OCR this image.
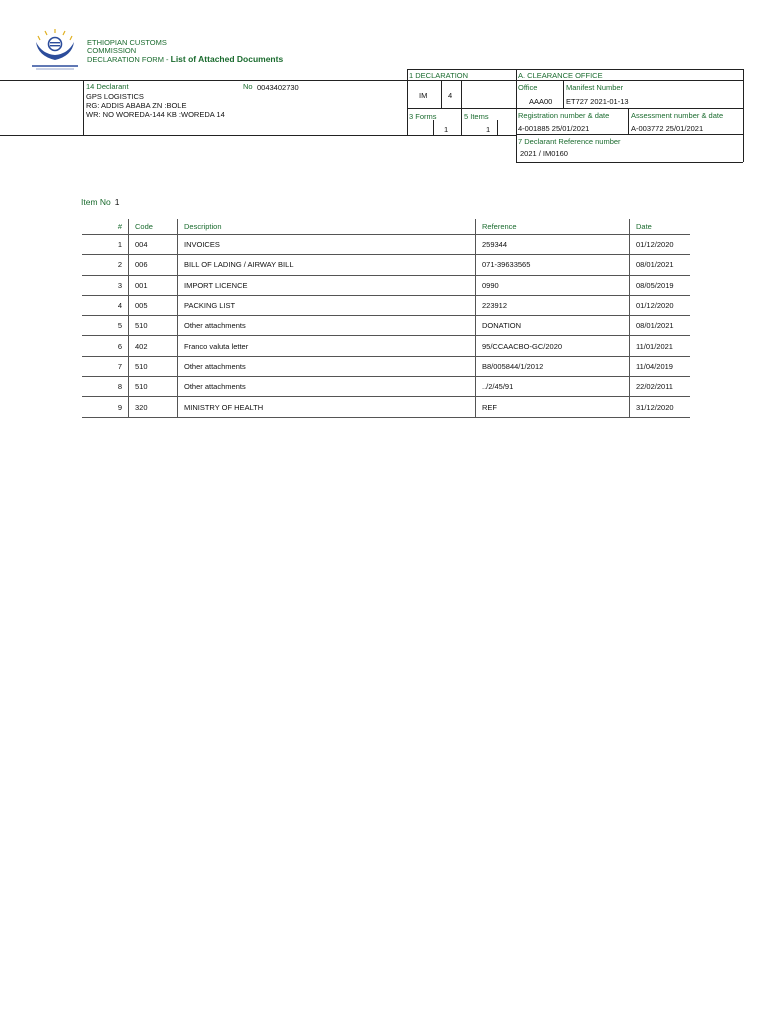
ETHIOPIAN CUSTOMS
COMMISSION
DECLARATION FORM - List of Attached Documents
14 Declarant	No 0043402730
GPS LOGISTICS
RG: ADDIS ABABA ZN :BOLE
WR: NO WOREDA-144 KB :WOREDA 14
1 DECLARATION
IM	4
3 Forms
1
5 Items
1
A. CLEARANCE OFFICE
Office
AAA00
Manifest Number
ET727 2021-01-13
Registration number & date
4-001885 25/01/2021
Assessment number & date
A-003772 25/01/2021
7 Declarant Reference number
2021 / IM0160
Item No 1
#	Code	Description	Reference	Date
1	004	INVOICES	259344	01/12/2020
2	006	BILL OF LADING / AIRWAY BILL	071-39633565	08/01/2021
3	001	IMPORT LICENCE	0990	08/05/2019
4	005	PACKING LIST	223912	01/12/2020
5	510	Other attachments	DONATION	08/01/2021
6	402	Franco valuta letter	95/CCAACBO-GC/2020	11/01/2021
7	510	Other attachments	B8/005844/1/2012	11/04/2019
8	510	Other attachments	../2/45/91	22/02/2011
9	320	MINISTRY OF HEALTH	REF	31/12/2020
